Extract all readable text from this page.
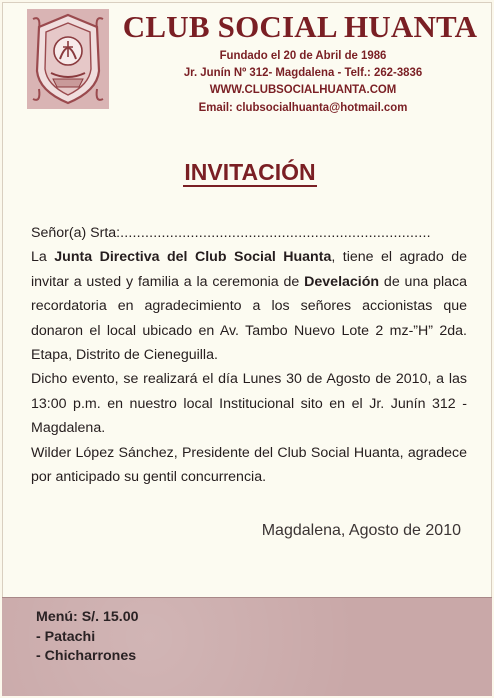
CLUB SOCIAL HUANTA
Fundado el 20 de Abril de 1986
Jr. Junín Nº 312- Magdalena - Telf.: 262-3836
WWW.CLUBSOCIALHUANTA.COM
Email: clubsocialhuanta@hotmail.com
INVITACIÓN

Señor(a) Srta:...........................................................................

La Junta Directiva del Club Social Huanta, tiene el agrado de invitar a usted y familia a la ceremonia de Develación de una placa recordatoria en agradecimiento a los señores accionistas que donaron el local ubicado en Av. Tambo Nuevo Lote 2 mz-”H” 2da. Etapa, Distrito de Cieneguilla.

Dicho evento, se realizará el día Lunes 30 de Agosto de 2010, a las 13:00 p.m. en nuestro local Institucional sito en el Jr. Junín 312 - Magdalena.

Wilder López Sánchez, Presidente del Club Social Huanta, agradece por anticipado su gentil concurrencia.

Magdalena, Agosto de 2010
Menú: S/. 15.00
- Patachi
- Chicharrones
